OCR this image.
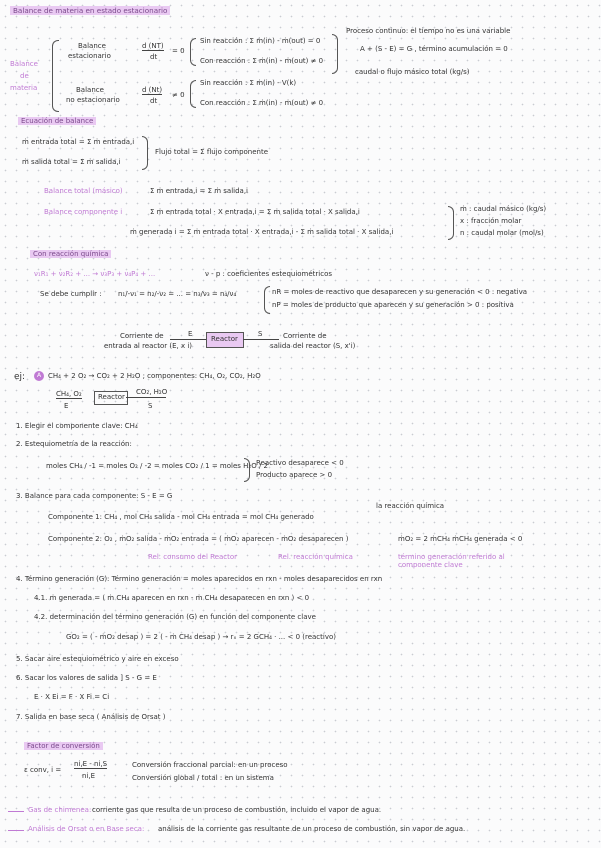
Balance de materia en estado estacionario
Balance
de
materia
Balance
estacionario
d (NT)
dt
= 0
Sin reacción : Σ ṁ(in) - ṁ(out) = 0
Con reacción : Σ ṁ(in) - ṁ(out) ≠ 0
Balance
no estacionario
d (Nt)
dt
≠ 0
Sin reacción : Σ ṁ(in) - V(k)
Con reacción : Σ ṁ(in) - ṁ(out) ≠ 0
Proceso continuo: el tiempo no es una variable
A + (S - E) = G , término acumulación = 0
caudal o flujo másico total (kg/s)
Ecuación de balance
ṁ entrada total = Σ ṁ entrada,i
ṁ salida total = Σ ṁ salida,i
Flujo total = Σ flujo componente
Balance total (másico)	Σ ṁ entrada,i = Σ ṁ salida,i
Balance componente i	Σ ṁ entrada total · X entrada,i = Σ ṁ salida total · X salida,i
ṁ generada i = Σ ṁ entrada total · X entrada,i - Σ ṁ salida total · X salida,i
ṁ : caudal másico (kg/s)
x : fracción molar
n : caudal molar (mol/s)
Con reacción química
ν₁R₁ + ν₂R₂ + ... → ν₃P₃ + ν₄P₄ + ...	ν - p : coeficientes estequiométricos
Se debe cumplir : n₁/-ν₁ = n₂/-ν₂ = ... = n₃/ν₃ = n₄/ν₄	nR = moles de reactivo que desaparecen y su generación < 0 : negativa
nP = moles de producto que aparecen y su generación > 0 : positiva
Corriente de
entrada al reactor (E, x i)
E
Reactor
S	Corriente de
salida del reactor (S, x'i)
ej:	A CH₄ + 2 O₂ → CO₂ + 2 H₂O ; componentes: CH₄, O₂, CO₂, H₂O
CH₄, O₂
E
Reactor
CO₂, H₂O
S
1. Elegir el componente clave: CH₄
2. Estequiometría de la reacción:
moles CH₄ / -1 = moles O₂ / -2 = moles CO₂ / 1 = moles H₂O / 2
Reactivo desaparece < 0
Producto aparece > 0
3. Balance para cada componente: S - E = G
la reacción química
Componente 1: CH₄ , mol CH₄ salida - mol CH₄ entrada = mol CH₄ generado
Componente 2: O₂ , ṁO₂ salida - ṁO₂ entrada = ( ṁO₂ aparecen - ṁO₂ desaparecen )	ṁO₂ = 2 ṁCH₄ ṁCH₄ generada < 0
Rel. consumo del Reactor	Rel. reacción química	término generación referido al componente clave
4. Término generación (G): Término generación = moles aparecidos en rxn - moles desaparecidos en rxn
4.1. ṁ generada = ( ṁ CH₄ aparecen en rxn - ṁ CH₄ desaparecen en rxn ) < 0
4.2. determinación del término generación (G) en función del componente clave
GO₂ = ( - ṁO₂ desap ) = 2 ( - ṁ CH₄ desap ) → rₓ = 2 GCH₄ · ... < 0 (reactivo)
5. Sacar aire estequiométrico y aire en exceso
6. Sacar los valores de salida ] S - G = E
E · X Ei = F · X Fi = Ci
7. Salida en base seca ( Análisis de Orsat )
Factor de conversión
ε conv, i =
ni,E - ni,S
ni,E
Conversión fraccional parcial: en un proceso
Conversión global / total : en un sistema
Gas de chimenea: corriente gas que resulta de un proceso de combustión, incluido el vapor de agua.
Análisis de Orsat o en Base seca: análisis de la corriente gas resultante de un proceso de combustión, sin vapor de agua.
